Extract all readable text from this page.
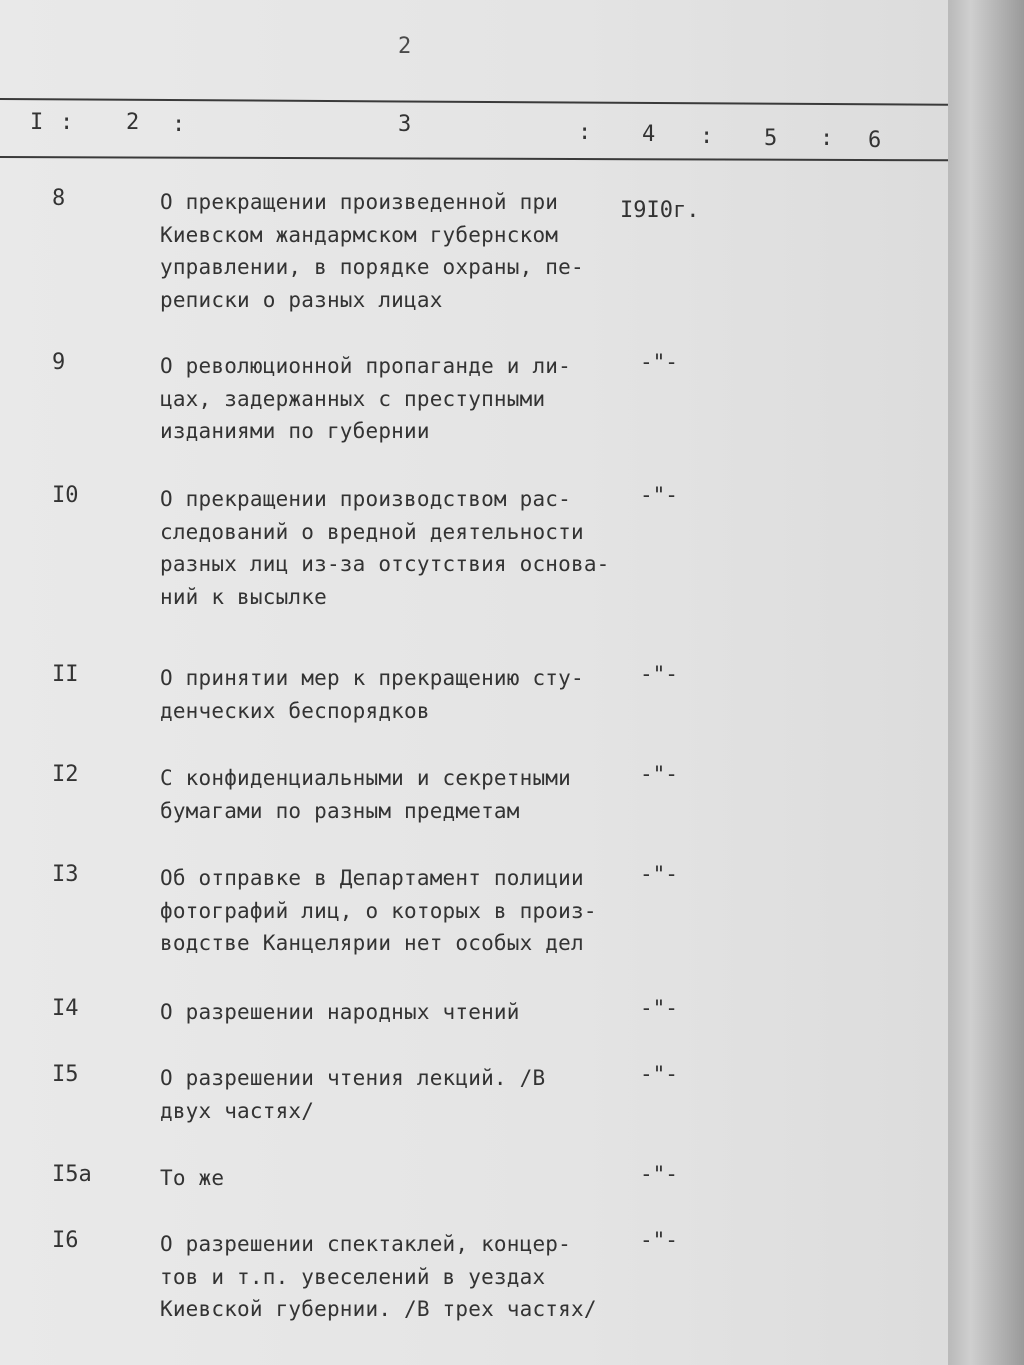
2
I : 2 :	3	: 4 : 5 : 6
8	О прекращении произведенной при
Киевском жандармском губернском
управлении, в порядке охраны, пе-
реписки о разных лицах
I9I0г.
9	О революционной пропаганде и ли-
цах, задержанных с преступными
изданиями по губернии
-"-
I0	О прекращении производством рас-
следований о вредной деятельности
разных лиц из-за отсутствия основа-
ний к высылке
-"-
II	О принятии мер к прекращению сту-
денческих беспорядков
-"-
I2	С конфиденциальными и секретными
бумагами по разным предметам
-"-
I3	Об отправке в Департамент полиции
фотографий лиц, о которых в произ-
водстве Канцелярии нет особых дел
-"-
I4	О разрешении народных чтений	-"-
I5	О разрешении чтения лекций. /В
двух частях/
-"-
I5а	То же	-"-
I6	О разрешении спектаклей, концер-
тов и т.п. увеселений в уездах
Киевской губернии. /В трех частях/
-"-
